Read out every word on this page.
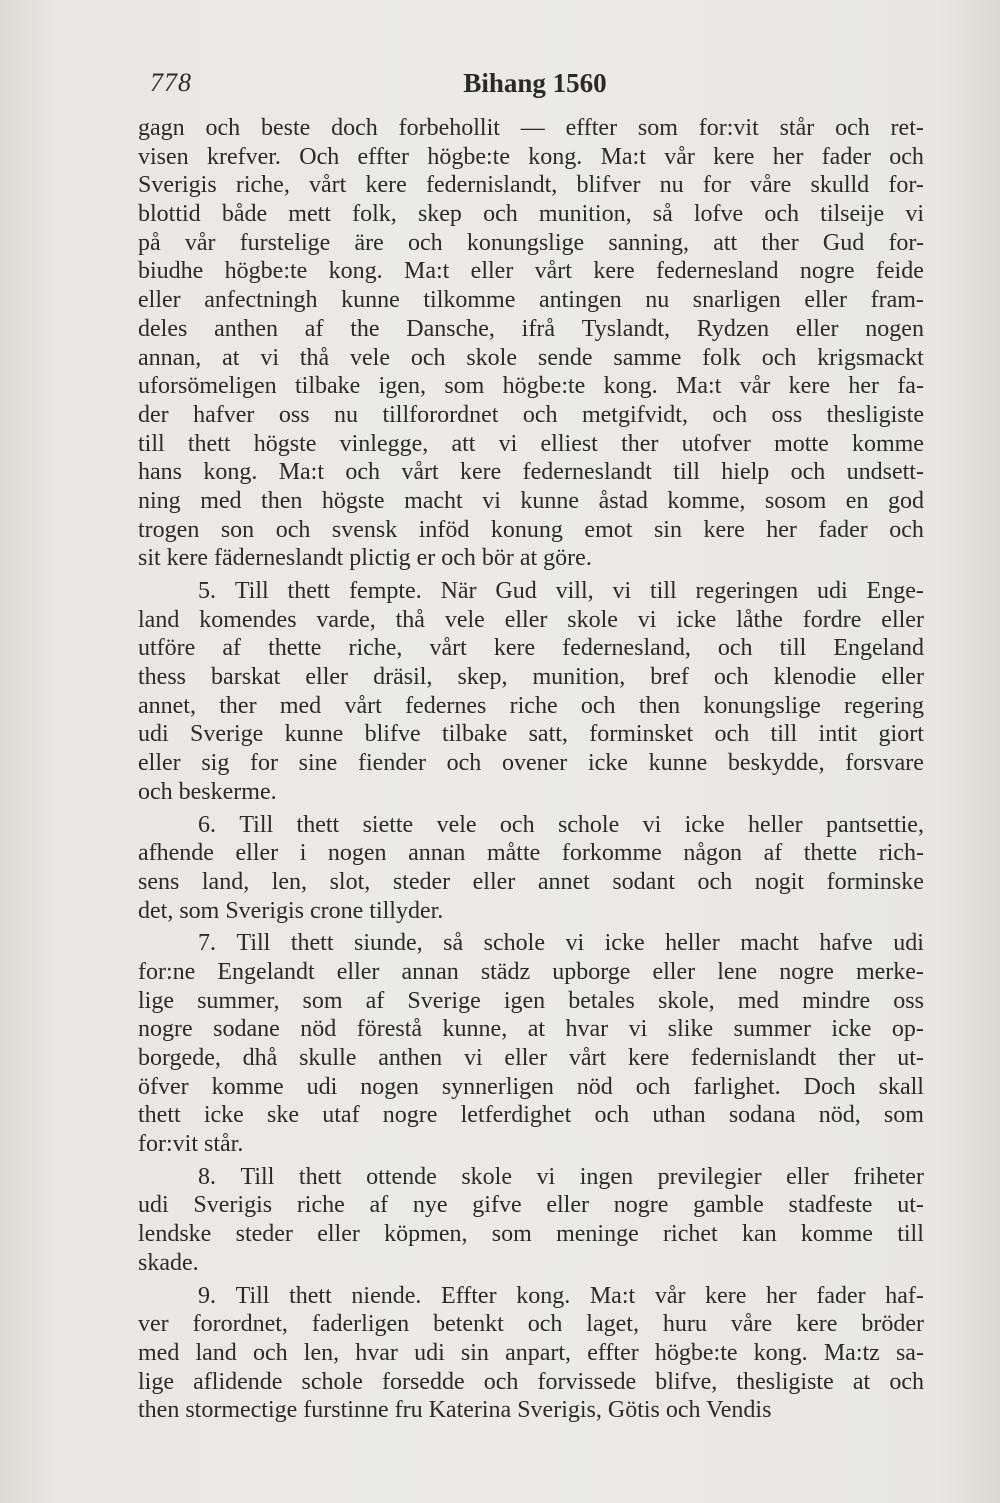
778	Bihang 1560
gagn och beste doch forbehollit — effter som for:vit står och ret-
visen krefver. Och effter högbe:te kong. Ma:t vår kere her fader och
Sverigis riche, vårt kere federnislandt, blifver nu for våre skulld for-
blottid både mett folk, skep och munition, så lofve och tilseije vi
på vår furstelige äre och konungslige sanning, att ther Gud for-
biudhe högbe:te kong. Ma:t eller vårt kere federnesland nogre feide
eller anfectningh kunne tilkomme antingen nu snarligen eller fram-
deles anthen af the Dansche, ifrå Tyslandt, Rydzen eller nogen
annan, at vi thå vele och skole sende samme folk och krigsmackt
uforsömeligen tilbake igen, som högbe:te kong. Ma:t vår kere her fa-
der hafver oss nu tillforordnet och metgifvidt, och oss thesligiste
till thett högste vinlegge, att vi elliest ther utofver motte komme
hans kong. Ma:t och vårt kere federneslandt till hielp och undsett-
ning med then högste macht vi kunne åstad komme, sosom en god
trogen son och svensk inföd konung emot sin kere her fader och
sit kere fäderneslandt plictig er och bör at göre.
5. Till thett fempte. När Gud vill, vi till regeringen udi Enge-
land komendes varde, thå vele eller skole vi icke låthe fordre eller
utföre af thette riche, vårt kere federnesland, och till Engeland
thess barskat eller dräsil, skep, munition, bref och klenodie eller
annet, ther med vårt federnes riche och then konungslige regering
udi Sverige kunne blifve tilbake satt, forminsket och till intit giort
eller sig for sine fiender och ovener icke kunne beskydde, forsvare
och beskerme.
6. Till thett siette vele och schole vi icke heller pantsettie,
afhende eller i nogen annan måtte forkomme någon af thette rich-
sens land, len, slot, steder eller annet sodant och nogit forminske
det, som Sverigis crone tillyder.
7. Till thett siunde, så schole vi icke heller macht hafve udi
for:ne Engelandt eller annan städz upborge eller lene nogre merke-
lige summer, som af Sverige igen betales skole, med mindre oss
nogre sodane nöd förestå kunne, at hvar vi slike summer icke op-
borgede, dhå skulle anthen vi eller vårt kere federnislandt ther ut-
öfver komme udi nogen synnerligen nöd och farlighet. Doch skall
thett icke ske utaf nogre letferdighet och uthan sodana nöd, som
for:vit står.
8. Till thett ottende skole vi ingen previlegier eller friheter
udi Sverigis riche af nye gifve eller nogre gamble stadfeste ut-
lendske steder eller köpmen, som meninge richet kan komme till
skade.
9. Till thett niende. Effter kong. Ma:t vår kere her fader haf-
ver forordnet, faderligen betenkt och laget, huru våre kere bröder
med land och len, hvar udi sin anpart, effter högbe:te kong. Ma:tz sa-
lige aflidende schole forsedde och forvissede blifve, thesligiste at och
then stormectige furstinne fru Katerina Sverigis, Götis och Vendis
